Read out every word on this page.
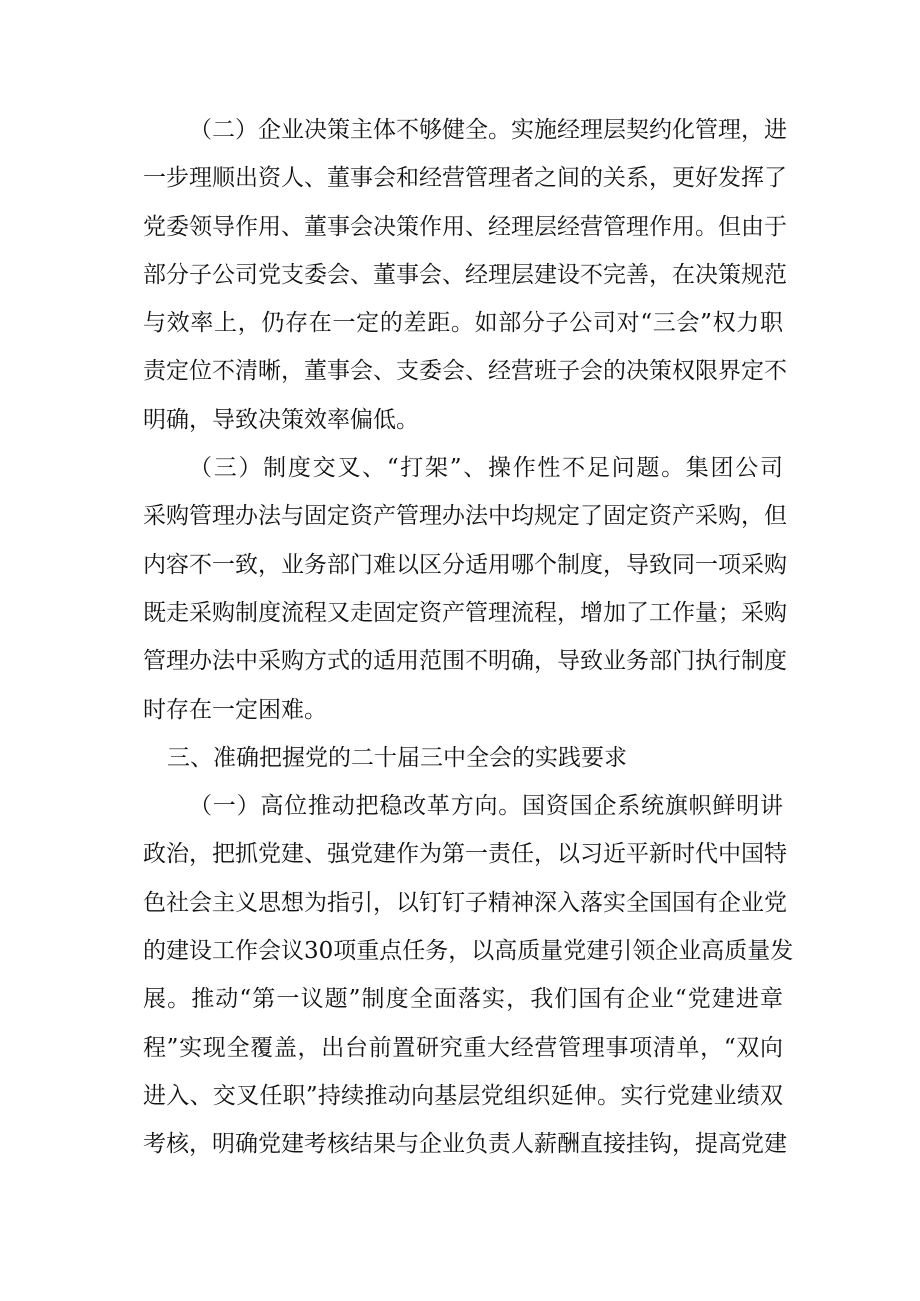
（二）企业决策主体不够健全。实施经理层契约化管理，进
一步理顺出资人、董事会和经营管理者之间的关系，更好发挥了
党委领导作用、董事会决策作用、经理层经营管理作用。但由于
部分子公司党支委会、董事会、经理层建设不完善，在决策规范
与效率上，仍存在一定的差距。如部分子公司对“三会”权力职
责定位不清晰，董事会、支委会、经营班子会的决策权限界定不
明确，导致决策效率偏低。

（三）制度交叉、“打架”、操作性不足问题。集团公司
采购管理办法与固定资产管理办法中均规定了固定资产采购，但
内容不一致，业务部门难以区分适用哪个制度，导致同一项采购
既走采购制度流程又走固定资产管理流程，增加了工作量；采购
管理办法中采购方式的适用范围不明确，导致业务部门执行制度
时存在一定困难。

三、准确把握党的二十届三中全会的实践要求

（一）高位推动把稳改革方向。国资国企系统旗帜鲜明讲
政治，把抓党建、强党建作为第一责任，以习近平新时代中国特
色社会主义思想为指引，以钉钉子精神深入落实全国国有企业党
的建设工作会议30项重点任务，以高质量党建引领企业高质量发
展。推动“第一议题”制度全面落实，我们国有企业“党建进章
程”实现全覆盖，出台前置研究重大经营管理事项清单，“双向
进入、交叉任职”持续推动向基层党组织延伸。实行党建业绩双
考核，明确党建考核结果与企业负责人薪酬直接挂钩，提高党建
